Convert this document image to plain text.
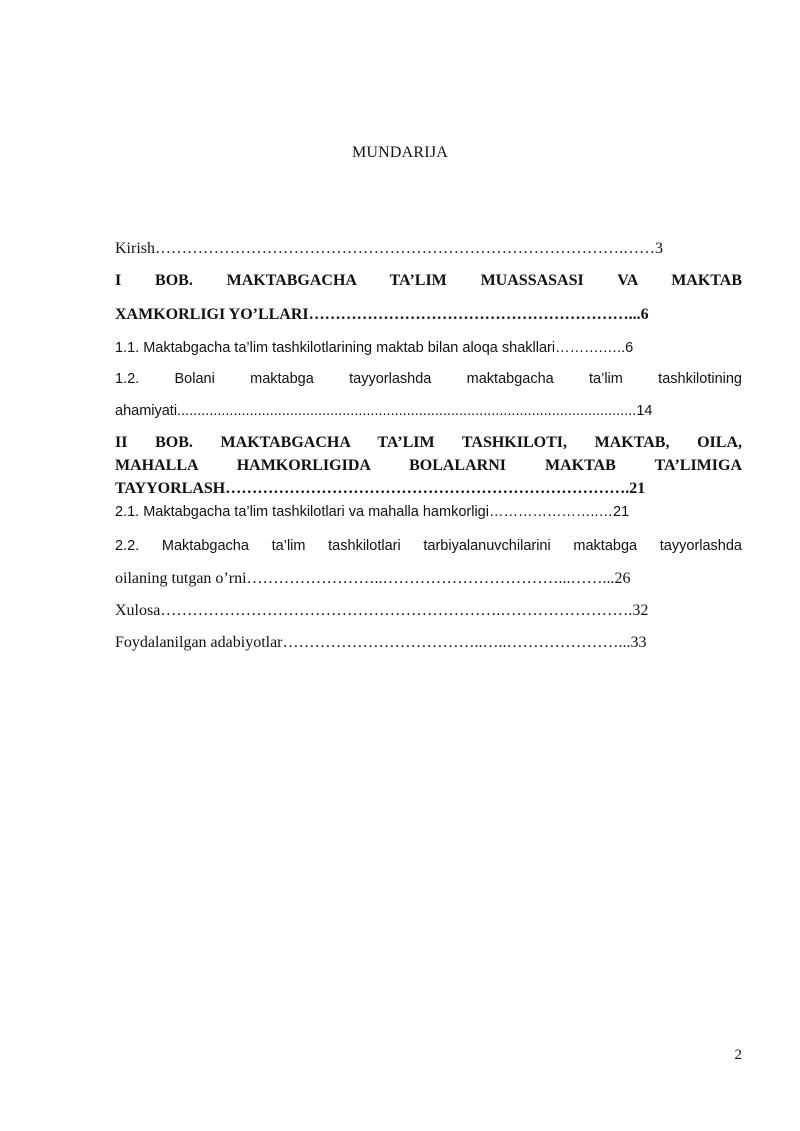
MUNDARIJA
Kirish…………………………………………………………………………….……3
I BOB. MAKTABGACHA TA’LIM MUASSASASI VA MAKTAB
XAMKORLIGI YO’LLARI……………………………………………………...6
1.1. Maktabgacha ta’lim tashkilotlarining maktab bilan aloqa shakllari……….…..6
1.2. Bolani maktabga tayyorlashda maktabgacha ta’lim tashkilotining
ahamiyati..................................................................................................................14
II BOB. MAKTABGACHA TA’LIM TASHKILOTI, MAKTAB, OILA,
MAHALLA HAMKORLIGIDA BOLALARNI MAKTAB TA’LIMIGA
TAYYORLASH………………………………………………………………….21
2.1. Maktabgacha ta’lim tashkilotlari va mahalla hamkorligi…………………..…21
2.2. Maktabgacha ta’lim tashkilotlari tarbiyalanuvchilarini maktabga tayyorlashda
oilaning tutgan o’rni……………………..……………………………...……...26
Xulosa……………………………………………………….…………………….32
Foydalanilgan adabiyotlar………………………………..…..…………………...33
2
